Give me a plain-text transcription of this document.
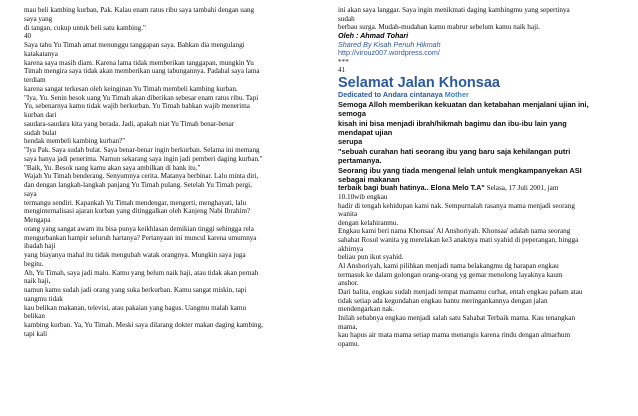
mau beli kambing kurban, Pak. Kalau enam ratus ribu saya tambahi dengan uang
saya yang
di tangan, cukup untuk beli satu kambing."
40
Saya tahu Yu Timah amat menunggu tanggapan saya. Bahkan dia mengulangi
katakatanya
karena saya masih diam. Karena lama tidak memberikan tanggapan, mungkin Yu
Timah mengira saya tidak akan memberikan uang tabungannya. Padahal saya lama
terdiam
karena sangat terkesan oleh keinginan Yu Timah membeli kambing kurban.
"Iya, Yu. Senin besok uang Yu Timah akan diberikan sebesar enam ratus ribu. Tapi
Yu, sebenarnya kamu tidak wajib berkurban. Yu Timah bahkan wajib menerima
kurban dari
saudara-saudara kita yang berada. Jadi, apakah niat Yu Timah benar-benar
sudah bulat
hendak membeli kambing kurban?"
"Iya Pak. Saya sudah bulat. Saya benar-benar ingin berkurban. Selama ini memang
saya hanya jadi penerima. Namun sekarang saya ingin jadi pemberi daging kurban."
"Baik, Yu. Besok uang kamu akan saya ambilkan di bank itu."
Wajah Yu Timah benderang. Senyumnya cerita. Matanya berbinar. Lalu minta diri,
dan dengan langkah-langkah panjang Yu Timah pulang. Setelah Yu Timah pergi,
saya
termangu sendiri. Kapankah Yu Timah mendengar, mengerti, menghayati, lalu
menginternalisasi ajaran kurban yang ditinggalkan oleh Kanjeng Nabi Ibrahim?
Mengapa
orang yang sangat awam itu bisa punya keikhlasan demikian tinggi sehingga rela
mengurbankan hampir seluruh hartanya? Pertanyaan ini muncul karena umumnya
ibadah haji
yang biayanya mahal itu tidak mengubah watak orangnya. Mungkin saya juga
begitu.
Ah, Yu Timah, saya jadi malu. Kamu yang belum naik haji, atau tidak akan pernah
naik haji,
namun kamu sudah jadi orang yang suka berkurban. Kamu sangat miskin, tapi
uangmu tidak
kau belikan makanan, televisi, atau pakaian yang bagus. Uangmu malah kamu
belikan
kambing kurban. Ya, Yu Timah. Meski saya dilarang dokter makan daging kambing,
tapi kali
ini akan saya langgar. Saya ingin menikmati daging kambingmu yang sepertinya
sudah
berbau surga. Mudah-mudahan kamu mabrur sebelum kamu naik haji.
Oleh : Ahmad Tohari
Shared By Kisah Penuh Hikmah
http://virouz007.wordpress.com/
***
41
Selamat Jalan Khonsaa
Dedicated to Andara cintanaya Mother
Semoga Alloh memberikan kekuatan dan ketabahan menjalani ujian ini,
semoga
kisah ini bisa menjadi ibrah/hikmah bagimu dan ibu-ibu lain yang
mendapat ujian
serupa
"sebuah curahan hati seorang ibu yang baru saja kehilangan putri
pertamanya.
Seorang ibu yang tiada mengenal lelah untuk mengkampanyekan ASI
sebagai makanan
terbaik bagi buah hatinya.. Elona Melo T.A" Selasa, 17 Juli 2001, jam
10.10wib engkau
hadir di tengah kehidupan kami nak. Sempurnalah rasanya mama menjadi seorang
wanita
dengan kelahiranmu.
Engkau kami beri nama Khonsaa' Al Anshoriyah. Khonsaa' adalah nama seorang
sahabat Rosul wanita yg merelakan ke3 anaknya mati syahid di peperangan, hingga
akhirnya
beliau pun ikut syahid.
Al Anshoriyah, kami pilihkan menjadi nama belakangmu dg harapan engkau
termasuk ke dalam golongan orang-orang yg gemar menolong layaknya kaum
anshor.
Dari balita, engkau sudah menjadi tempat mamamu curhat, entah engkau paham atau
tidak setiap ada kegundahan engkau bantu meringankannya dengan jalan
mendengarkan nak.
Inilah sebabnya engkau menjadi salah satu Sahabat Terbaik mama. Kau tenangkan
mama,
kau hapus air mata mama setiap mama menangis karena rindu dengan almarhum
opamu.
